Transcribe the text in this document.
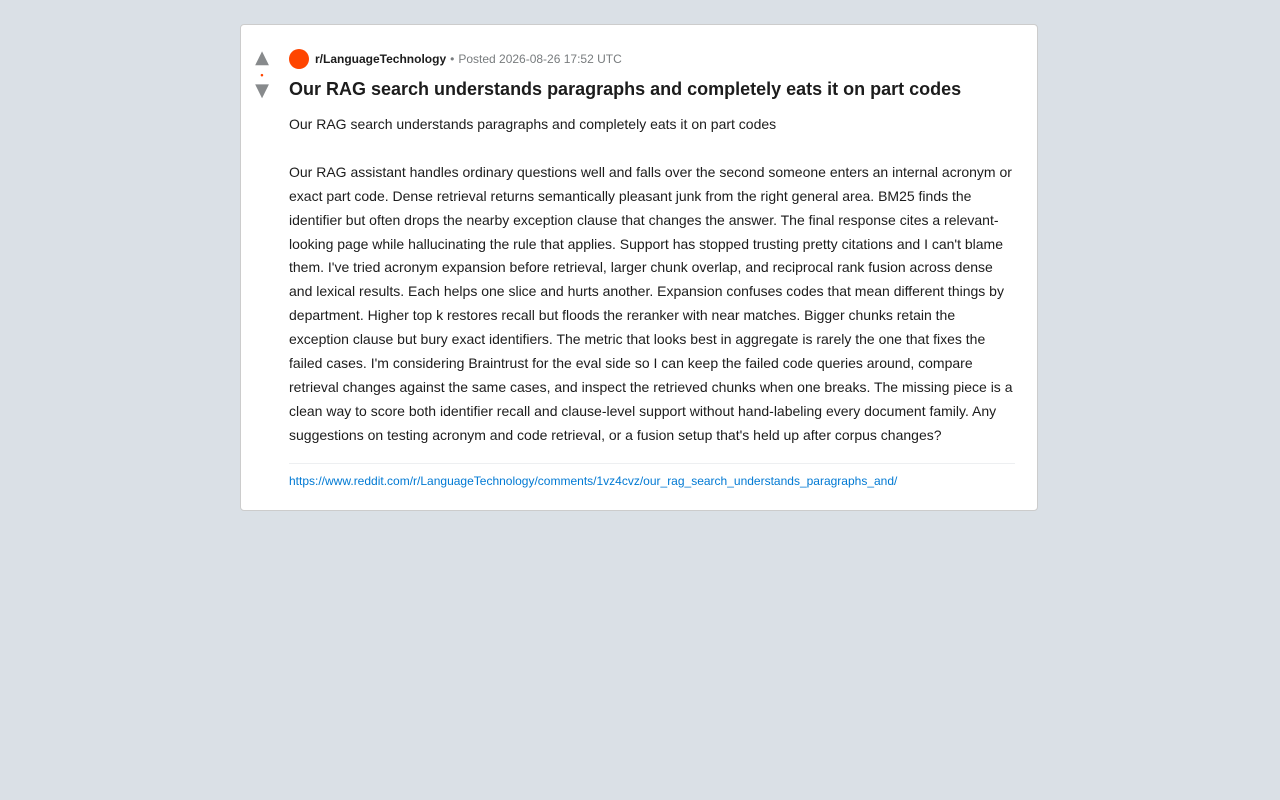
▲
•
▼
r/LanguageTechnology • Posted 2026-08-26 17:52 UTC
Our RAG search understands paragraphs and completely eats it on part codes

Our RAG search understands paragraphs and completely eats it on part codes

Our RAG assistant handles ordinary questions well and falls over the second someone enters an internal acronym or exact part code. Dense retrieval returns semantically pleasant junk from the right general area. BM25 finds the identifier but often drops the nearby exception clause that changes the answer. The final response cites a relevant-looking page while hallucinating the rule that applies. Support has stopped trusting pretty citations and I can't blame them. I've tried acronym expansion before retrieval, larger chunk overlap, and reciprocal rank fusion across dense and lexical results. Each helps one slice and hurts another. Expansion confuses codes that mean different things by department. Higher top k restores recall but floods the reranker with near matches. Bigger chunks retain the exception clause but bury exact identifiers. The metric that looks best in aggregate is rarely the one that fixes the failed cases. I'm considering Braintrust for the eval side so I can keep the failed code queries around, compare retrieval changes against the same cases, and inspect the retrieved chunks when one breaks. The missing piece is a clean way to score both identifier recall and clause-level support without hand-labeling every document family. Any suggestions on testing acronym and code retrieval, or a fusion setup that's held up after corpus changes?

https://www.reddit.com/r/LanguageTechnology/comments/1vz4cvz/our_rag_search_understands_paragraphs_and/
